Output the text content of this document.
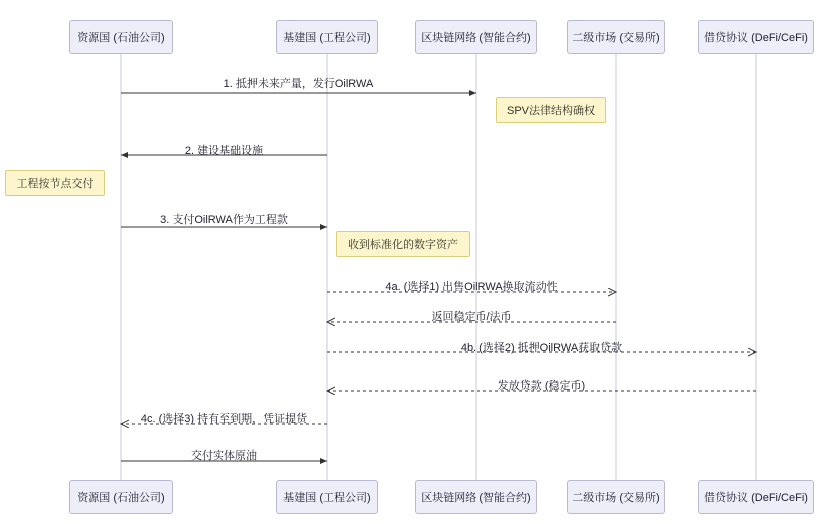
资源国 (石油公司)
资源国 (石油公司)
基建国 (工程公司)
基建国 (工程公司)
区块链网络 (智能合约)
区块链网络 (智能合约)
二级市场 (交易所)
二级市场 (交易所)
借贷协议 (DeFi/CeFi)
借贷协议 (DeFi/CeFi)
SPV法律结构确权
工程按节点交付
收到标准化的数字资产
1. 抵押未来产量，发行OilRWA
2. 建设基础设施
3. 支付OilRWA作为工程款
4a. (选择1) 出售OilRWA换取流动性
返回稳定币/法币
4b. (选择2) 抵押OilRWA获取贷款
发放贷款 (稳定币)
4c. (选择3) 持有至到期，凭证提货
交付实体原油
